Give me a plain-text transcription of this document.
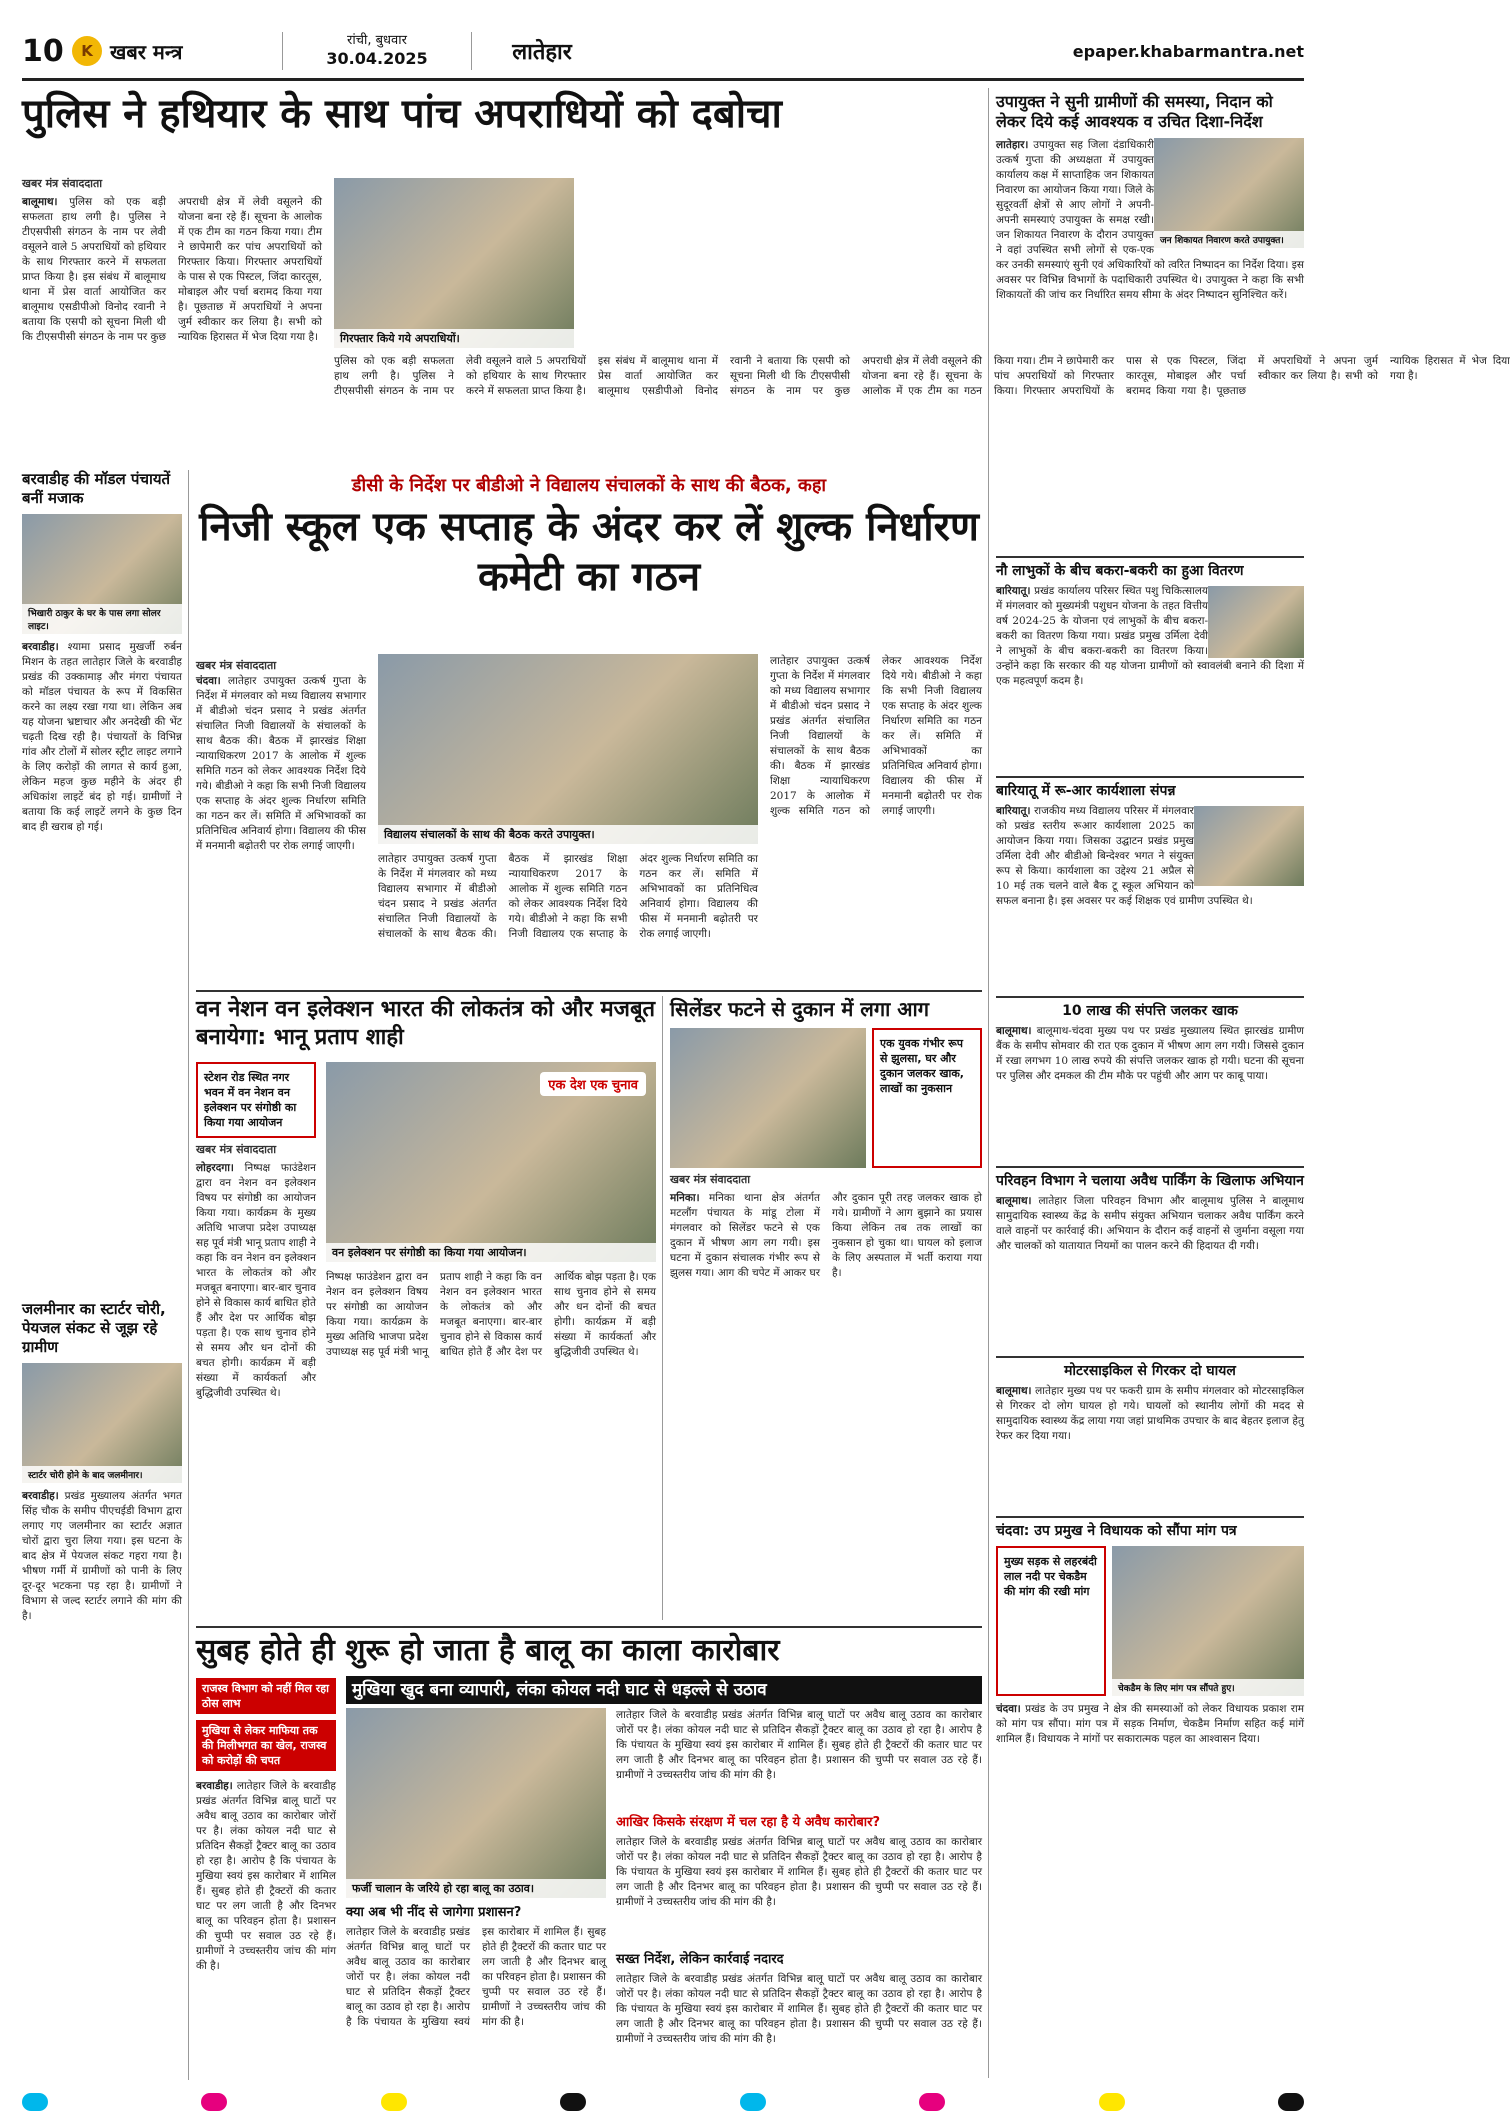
10	K खबर मन्त्र	रांची, बुधवार
30.04.2025	लातेहार	epaper.khabarmantra.net
पुलिस ने हथियार के साथ पांच अपराधियों को दबोचा
खबर मंत्र संवाददाता
बालूमाथ। पुलिस को एक बड़ी सफलता हाथ लगी है। पुलिस ने टीएसपीसी संगठन के नाम पर लेवी वसूलने वाले 5 अपराधियों को हथियार के साथ गिरफ्तार करने में सफलता प्राप्त किया है। इस संबंध में बालूमाथ थाना में प्रेस वार्ता आयोजित कर बालूमाथ एसडीपीओ विनोद रवानी ने बताया कि एसपी को सूचना मिली थी कि टीएसपीसी संगठन के नाम पर कुछ अपराधी क्षेत्र में लेवी वसूलने की योजना बना रहे हैं। सूचना के आलोक में एक टीम का गठन किया गया। टीम ने छापेमारी कर पांच अपराधियों को गिरफ्तार किया। गिरफ्तार अपराधियों के पास से एक पिस्टल, जिंदा कारतूस, मोबाइल और पर्चा बरामद किया गया है। पूछताछ में अपराधियों ने अपना जुर्म स्वीकार कर लिया है। सभी को न्यायिक हिरासत में भेज दिया गया है।	गिरफ्तार किये गये अपराधियों।
पुलिस को एक बड़ी सफलता हाथ लगी है। पुलिस ने टीएसपीसी संगठन के नाम पर लेवी वसूलने वाले 5 अपराधियों को हथियार के साथ गिरफ्तार करने में सफलता प्राप्त किया है। इस संबंध में बालूमाथ थाना में प्रेस वार्ता आयोजित कर बालूमाथ एसडीपीओ विनोद रवानी ने बताया कि एसपी को सूचना मिली थी कि टीएसपीसी संगठन के नाम पर कुछ अपराधी क्षेत्र में लेवी वसूलने की योजना बना रहे हैं। सूचना के आलोक में एक टीम का गठन किया गया। टीम ने छापेमारी कर पांच अपराधियों को गिरफ्तार किया। गिरफ्तार अपराधियों के पास से एक पिस्टल, जिंदा कारतूस, मोबाइल और पर्चा बरामद किया गया है। पूछताछ में अपराधियों ने अपना जुर्म स्वीकार कर लिया है। सभी को न्यायिक हिरासत में भेज दिया गया है।
उपायुक्त ने सुनी ग्रामीणों की समस्या, निदान को लेकर दिये कई आवश्यक व उचित दिशा-निर्देश
जन शिकायत निवारण करते उपायुक्त।
लातेहार। उपायुक्त सह जिला दंडाधिकारी उत्कर्ष गुप्ता की अध्यक्षता में उपायुक्त कार्यालय कक्ष में साप्ताहिक जन शिकायत निवारण का आयोजन किया गया। जिले के सुदूरवर्ती क्षेत्रों से आए लोगों ने अपनी-अपनी समस्याएं उपायुक्त के समक्ष रखी। जन शिकायत निवारण के दौरान उपायुक्त ने वहां उपस्थित सभी लोगों से एक-एक कर उनकी समस्याएं सुनी एवं अधिकारियों को त्वरित निष्पादन का निर्देश दिया। इस अवसर पर विभिन्न विभागों के पदाधिकारी उपस्थित थे। उपायुक्त ने कहा कि सभी शिकायतों की जांच कर निर्धारित समय सीमा के अंदर निष्पादन सुनिश्चित करें।
नौ लाभुकों के बीच बकरा-बकरी का हुआ वितरण
बारियातू। प्रखंड कार्यालय परिसर स्थित पशु चिकित्सालय में मंगलवार को मुख्यमंत्री पशुधन योजना के तहत वित्तीय वर्ष 2024-25 के योजना एवं लाभुकों के बीच बकरा-बकरी का वितरण किया गया। प्रखंड प्रमुख उर्मिला देवी ने लाभुकों के बीच बकरा-बकरी का वितरण किया। उन्होंने कहा कि सरकार की यह योजना ग्रामीणों को स्वावलंबी बनाने की दिशा में एक महत्वपूर्ण कदम है।
बारियातू में रू-आर कार्यशाला संपन्न
बारियातू। राजकीय मध्य विद्यालय परिसर में मंगलवार को प्रखंड स्तरीय रूआर कार्यशाला 2025 का आयोजन किया गया। जिसका उद्घाटन प्रखंड प्रमुख उर्मिला देवी और बीडीओ बिन्देश्वर भगत ने संयुक्त रूप से किया। कार्यशाला का उद्देश्य 21 अप्रैल से 10 मई तक चलने वाले बैक टू स्कूल अभियान को सफल बनाना है। इस अवसर पर कई शिक्षक एवं ग्रामीण उपस्थित थे।
10 लाख की संपत्ति जलकर खाक
बालूमाथ। बालूमाथ-चंदवा मुख्य पथ पर प्रखंड मुख्यालय स्थित झारखंड ग्रामीण बैंक के समीप सोमवार की रात एक दुकान में भीषण आग लग गयी। जिससे दुकान में रखा लगभग 10 लाख रुपये की संपत्ति जलकर खाक हो गयी। घटना की सूचना पर पुलिस और दमकल की टीम मौके पर पहुंची और आग पर काबू पाया।
परिवहन विभाग ने चलाया अवैध पार्किंग के खिलाफ अभियान
बालूमाथ। लातेहार जिला परिवहन विभाग और बालूमाथ पुलिस ने बालूमाथ सामुदायिक स्वास्थ्य केंद्र के समीप संयुक्त अभियान चलाकर अवैध पार्किंग करने वाले वाहनों पर कार्रवाई की। अभियान के दौरान कई वाहनों से जुर्माना वसूला गया और चालकों को यातायात नियमों का पालन करने की हिदायत दी गयी।
मोटरसाइकिल से गिरकर दो घायल
बालूमाथ। लातेहार मुख्य पथ पर फकरी ग्राम के समीप मंगलवार को मोटरसाइकिल से गिरकर दो लोग घायल हो गये। घायलों को स्थानीय लोगों की मदद से सामुदायिक स्वास्थ्य केंद्र लाया गया जहां प्राथमिक उपचार के बाद बेहतर इलाज हेतु रेफर कर दिया गया।
चंदवा: उप प्रमुख ने विधायक को सौंपा मांग पत्र
मुख्य सड़क से लहरबंदी लाल नदी पर चेकडैम की मांग की रखी मांग
चेकडैम के लिए मांग पत्र सौंपते हुए।
चंदवा। प्रखंड के उप प्रमुख ने क्षेत्र की समस्याओं को लेकर विधायक प्रकाश राम को मांग पत्र सौंपा। मांग पत्र में सड़क निर्माण, चेकडैम निर्माण सहित कई मांगें शामिल हैं। विधायक ने मांगों पर सकारात्मक पहल का आश्वासन दिया।
बरवाडीह की मॉडल पंचायतें बनीं मजाक
भिखारी ठाकुर के घर के पास लगा सोलर लाइट।
बरवाडीह। श्यामा प्रसाद मुखर्जी रुर्बन मिशन के तहत लातेहार जिले के बरवाडीह प्रखंड की उक्कामाड़ और मंगरा पंचायत को मॉडल पंचायत के रूप में विकसित करने का लक्ष्य रखा गया था। लेकिन अब यह योजना भ्रष्टाचार और अनदेखी की भेंट चढ़ती दिख रही है। पंचायतों के विभिन्न गांव और टोलों में सोलर स्ट्रीट लाइट लगाने के लिए करोड़ों की लागत से कार्य हुआ, लेकिन महज कुछ महीने के अंदर ही अधिकांश लाइटें बंद हो गई। ग्रामीणों ने बताया कि कई लाइटें लगने के कुछ दिन बाद ही खराब हो गई।
जलमीनार का स्टार्टर चोरी, पेयजल संकट से जूझ रहे ग्रामीण
स्टार्टर चोरी होने के बाद जलमीनार।
बरवाडीह। प्रखंड मुख्यालय अंतर्गत भगत सिंह चौक के समीप पीएचईडी विभाग द्वारा लगाए गए जलमीनार का स्टार्टर अज्ञात चोरों द्वारा चुरा लिया गया। इस घटना के बाद क्षेत्र में पेयजल संकट गहरा गया है। भीषण गर्मी में ग्रामीणों को पानी के लिए दूर-दूर भटकना पड़ रहा है। ग्रामीणों ने विभाग से जल्द स्टार्टर लगाने की मांग की है।
डीसी के निर्देश पर बीडीओ ने विद्यालय संचालकों के साथ की बैठक, कहा
निजी स्कूल एक सप्ताह के अंदर कर लें शुल्क निर्धारण कमेटी का गठन
खबर मंत्र संवाददाता
चंदवा। लातेहार उपायुक्त उत्कर्ष गुप्ता के निर्देश में मंगलवार को मध्य विद्यालय सभागार में बीडीओ चंदन प्रसाद ने प्रखंड अंतर्गत संचालित निजी विद्यालयों के संचालकों के साथ बैठक की। बैठक में झारखंड शिक्षा न्यायाधिकरण 2017 के आलोक में शुल्क समिति गठन को लेकर आवश्यक निर्देश दिये गये। बीडीओ ने कहा कि सभी निजी विद्यालय एक सप्ताह के अंदर शुल्क निर्धारण समिति का गठन कर लें। समिति में अभिभावकों का प्रतिनिधित्व अनिवार्य होगा। विद्यालय की फीस में मनमानी बढ़ोतरी पर रोक लगाई जाएगी।
विद्यालय संचालकों के साथ की बैठक करते उपायुक्त।
लातेहार उपायुक्त उत्कर्ष गुप्ता के निर्देश में मंगलवार को मध्य विद्यालय सभागार में बीडीओ चंदन प्रसाद ने प्रखंड अंतर्गत संचालित निजी विद्यालयों के संचालकों के साथ बैठक की। बैठक में झारखंड शिक्षा न्यायाधिकरण 2017 के आलोक में शुल्क समिति गठन को लेकर आवश्यक निर्देश दिये गये। बीडीओ ने कहा कि सभी निजी विद्यालय एक सप्ताह के अंदर शुल्क निर्धारण समिति का गठन कर लें। समिति में अभिभावकों का प्रतिनिधित्व अनिवार्य होगा। विद्यालय की फीस में मनमानी बढ़ोतरी पर रोक लगाई जाएगी।
लातेहार उपायुक्त उत्कर्ष गुप्ता के निर्देश में मंगलवार को मध्य विद्यालय सभागार में बीडीओ चंदन प्रसाद ने प्रखंड अंतर्गत संचालित निजी विद्यालयों के संचालकों के साथ बैठक की। बैठक में झारखंड शिक्षा न्यायाधिकरण 2017 के आलोक में शुल्क समिति गठन को लेकर आवश्यक निर्देश दिये गये। बीडीओ ने कहा कि सभी निजी विद्यालय एक सप्ताह के अंदर शुल्क निर्धारण समिति का गठन कर लें। समिति में अभिभावकों का प्रतिनिधित्व अनिवार्य होगा। विद्यालय की फीस में मनमानी बढ़ोतरी पर रोक लगाई जाएगी।
वन नेशन वन इलेक्शन भारत की लोकतंत्र को और मजबूत बनायेगा: भानू प्रताप शाही
स्टेशन रोड स्थित नगर भवन में वन नेशन वन इलेक्शन पर संगोष्ठी का किया गया आयोजन
खबर मंत्र संवाददाता
लोहरदगा। निष्पक्ष फाउंडेशन द्वारा वन नेशन वन इलेक्शन विषय पर संगोष्ठी का आयोजन किया गया। कार्यक्रम के मुख्य अतिथि भाजपा प्रदेश उपाध्यक्ष सह पूर्व मंत्री भानू प्रताप शाही ने कहा कि वन नेशन वन इलेक्शन भारत के लोकतंत्र को और मजबूत बनाएगा। बार-बार चुनाव होने से विकास कार्य बाधित होते हैं और देश पर आर्थिक बोझ पड़ता है। एक साथ चुनाव होने से समय और धन दोनों की बचत होगी। कार्यक्रम में बड़ी संख्या में कार्यकर्ता और बुद्धिजीवी उपस्थित थे।
एक देश एक चुनाव
वन इलेक्शन पर संगोष्ठी का किया गया आयोजन।
निष्पक्ष फाउंडेशन द्वारा वन नेशन वन इलेक्शन विषय पर संगोष्ठी का आयोजन किया गया। कार्यक्रम के मुख्य अतिथि भाजपा प्रदेश उपाध्यक्ष सह पूर्व मंत्री भानू प्रताप शाही ने कहा कि वन नेशन वन इलेक्शन भारत के लोकतंत्र को और मजबूत बनाएगा। बार-बार चुनाव होने से विकास कार्य बाधित होते हैं और देश पर आर्थिक बोझ पड़ता है। एक साथ चुनाव होने से समय और धन दोनों की बचत होगी। कार्यक्रम में बड़ी संख्या में कार्यकर्ता और बुद्धिजीवी उपस्थित थे।
सिलेंडर फटने से दुकान में लगा आग
एक युवक गंभीर रूप से झुलसा, घर और दुकान जलकर खाक, लाखों का नुकसान
खबर मंत्र संवाददाता
मनिका। मनिका थाना क्षेत्र अंतर्गत मटलौंग पंचायत के मांडू टोला में मंगलवार को सिलेंडर फटने से एक दुकान में भीषण आग लग गयी। इस घटना में दुकान संचालक गंभीर रूप से झुलस गया। आग की चपेट में आकर घर और दुकान पूरी तरह जलकर खाक हो गये। ग्रामीणों ने आग बुझाने का प्रयास किया लेकिन तब तक लाखों का नुकसान हो चुका था। घायल को इलाज के लिए अस्पताल में भर्ती कराया गया है।
सुबह होते ही शुरू हो जाता है बालू का काला कारोबार
राजस्व विभाग को नहीं मिल रहा ठोस लाभ
मुखिया से लेकर माफिया तक की मिलीभगत का खेल, राजस्व को करोड़ों की चपत
बरवाडीह। लातेहार जिले के बरवाडीह प्रखंड अंतर्गत विभिन्न बालू घाटों पर अवैध बालू उठाव का कारोबार जोरों पर है। लंका कोयल नदी घाट से प्रतिदिन सैकड़ों ट्रैक्टर बालू का उठाव हो रहा है। आरोप है कि पंचायत के मुखिया स्वयं इस कारोबार में शामिल हैं। सुबह होते ही ट्रैक्टरों की कतार घाट पर लग जाती है और दिनभर बालू का परिवहन होता है। प्रशासन की चुप्पी पर सवाल उठ रहे हैं। ग्रामीणों ने उच्चस्तरीय जांच की मांग की है।
मुखिया खुद बना व्यापारी, लंका कोयल नदी घाट से धड़ल्ले से उठाव
फर्जी चालान के जरिये हो रहा बालू का उठाव।
क्या अब भी नींद से जागेगा प्रशासन?
लातेहार जिले के बरवाडीह प्रखंड अंतर्गत विभिन्न बालू घाटों पर अवैध बालू उठाव का कारोबार जोरों पर है। लंका कोयल नदी घाट से प्रतिदिन सैकड़ों ट्रैक्टर बालू का उठाव हो रहा है। आरोप है कि पंचायत के मुखिया स्वयं इस कारोबार में शामिल हैं। सुबह होते ही ट्रैक्टरों की कतार घाट पर लग जाती है और दिनभर बालू का परिवहन होता है। प्रशासन की चुप्पी पर सवाल उठ रहे हैं। ग्रामीणों ने उच्चस्तरीय जांच की मांग की है।
लातेहार जिले के बरवाडीह प्रखंड अंतर्गत विभिन्न बालू घाटों पर अवैध बालू उठाव का कारोबार जोरों पर है। लंका कोयल नदी घाट से प्रतिदिन सैकड़ों ट्रैक्टर बालू का उठाव हो रहा है। आरोप है कि पंचायत के मुखिया स्वयं इस कारोबार में शामिल हैं। सुबह होते ही ट्रैक्टरों की कतार घाट पर लग जाती है और दिनभर बालू का परिवहन होता है। प्रशासन की चुप्पी पर सवाल उठ रहे हैं। ग्रामीणों ने उच्चस्तरीय जांच की मांग की है।
आखिर किसके संरक्षण में चल रहा है ये अवैध कारोबार?
लातेहार जिले के बरवाडीह प्रखंड अंतर्गत विभिन्न बालू घाटों पर अवैध बालू उठाव का कारोबार जोरों पर है। लंका कोयल नदी घाट से प्रतिदिन सैकड़ों ट्रैक्टर बालू का उठाव हो रहा है। आरोप है कि पंचायत के मुखिया स्वयं इस कारोबार में शामिल हैं। सुबह होते ही ट्रैक्टरों की कतार घाट पर लग जाती है और दिनभर बालू का परिवहन होता है। प्रशासन की चुप्पी पर सवाल उठ रहे हैं। ग्रामीणों ने उच्चस्तरीय जांच की मांग की है।
सख्त निर्देश, लेकिन कार्रवाई नदारद
लातेहार जिले के बरवाडीह प्रखंड अंतर्गत विभिन्न बालू घाटों पर अवैध बालू उठाव का कारोबार जोरों पर है। लंका कोयल नदी घाट से प्रतिदिन सैकड़ों ट्रैक्टर बालू का उठाव हो रहा है। आरोप है कि पंचायत के मुखिया स्वयं इस कारोबार में शामिल हैं। सुबह होते ही ट्रैक्टरों की कतार घाट पर लग जाती है और दिनभर बालू का परिवहन होता है। प्रशासन की चुप्पी पर सवाल उठ रहे हैं। ग्रामीणों ने उच्चस्तरीय जांच की मांग की है।
